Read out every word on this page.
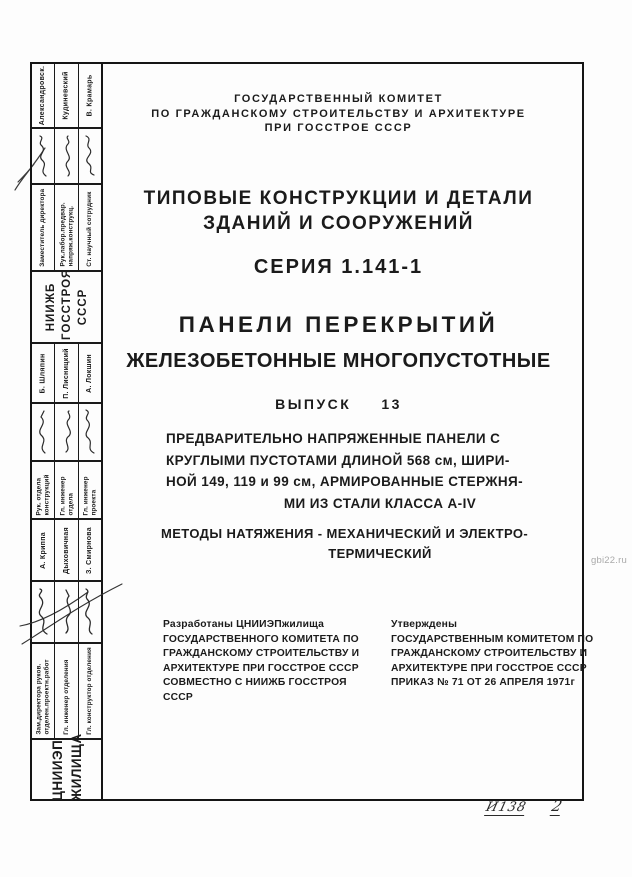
gbi22.ru
Александровск. Кудиневский В. Крамарь
Заместитель директора Рук.лабор.предвар. напряж.конструкц. Ст. научный сотрудник
НИИЖБ ГОССТРОЯ СССР
Б. Шляпин П. Лисницкий А. Локшин
Рук. отдела конструкций Гл. инженер отдела Гл. инженер проекта
А. Криппа Дыховичная З. Смирнова
Зам.директора руков. отделен.проектн.работ Гл. инженер отделения	Гл. конструктор отделения
ЦНИИЭП ЖИЛИЩА
ГОСУДАРСТВЕННЫЙ КОМИТЕТ
ПО ГРАЖДАНСКОМУ СТРОИТЕЛЬСТВУ И АРХИТЕКТУРЕ
ПРИ ГОССТРОЕ СССР
ТИПОВЫЕ КОНСТРУКЦИИ И ДЕТАЛИ
ЗДАНИЙ И СООРУЖЕНИЙ
СЕРИЯ 1.141-1
ПАНЕЛИ ПЕРЕКРЫТИЙ
ЖЕЛЕЗОБЕТОННЫЕ МНОГОПУСТОТНЫЕ
ВЫПУСК 13
ПРЕДВАРИТЕЛЬНО НАПРЯЖЕННЫЕ ПАНЕЛИ С
КРУГЛЫМИ ПУСТОТАМИ ДЛИНОЙ 568 см, ШИРИ-
НОЙ 149, 119 и 99 см, АРМИРОВАННЫЕ СТЕРЖНЯ-
МИ ИЗ СТАЛИ КЛАССА А-IV
МЕТОДЫ НАТЯЖЕНИЯ - МЕХАНИЧЕСКИЙ И ЭЛЕКТРО-
ТЕРМИЧЕСКИЙ
Разработаны ЦНИИЭПжилища
ГОСУДАРСТВЕННОГО КОМИТЕТА ПО
ГРАЖДАНСКОМУ СТРОИТЕЛЬСТВУ И
АРХИТЕКТУРЕ ПРИ ГОССТРОЕ СССР
СОВМЕСТНО С НИИЖБ ГОССТРОЯ
СССР
Утверждены
ГОСУДАРСТВЕННЫМ КОМИТЕТОМ ПО
ГРАЖДАНСКОМУ СТРОИТЕЛЬСТВУ И
АРХИТЕКТУРЕ ПРИ ГОССТРОЕ СССР
ПРИКАЗ № 71 ОТ 26 АПРЕЛЯ 1971г
И138 2
